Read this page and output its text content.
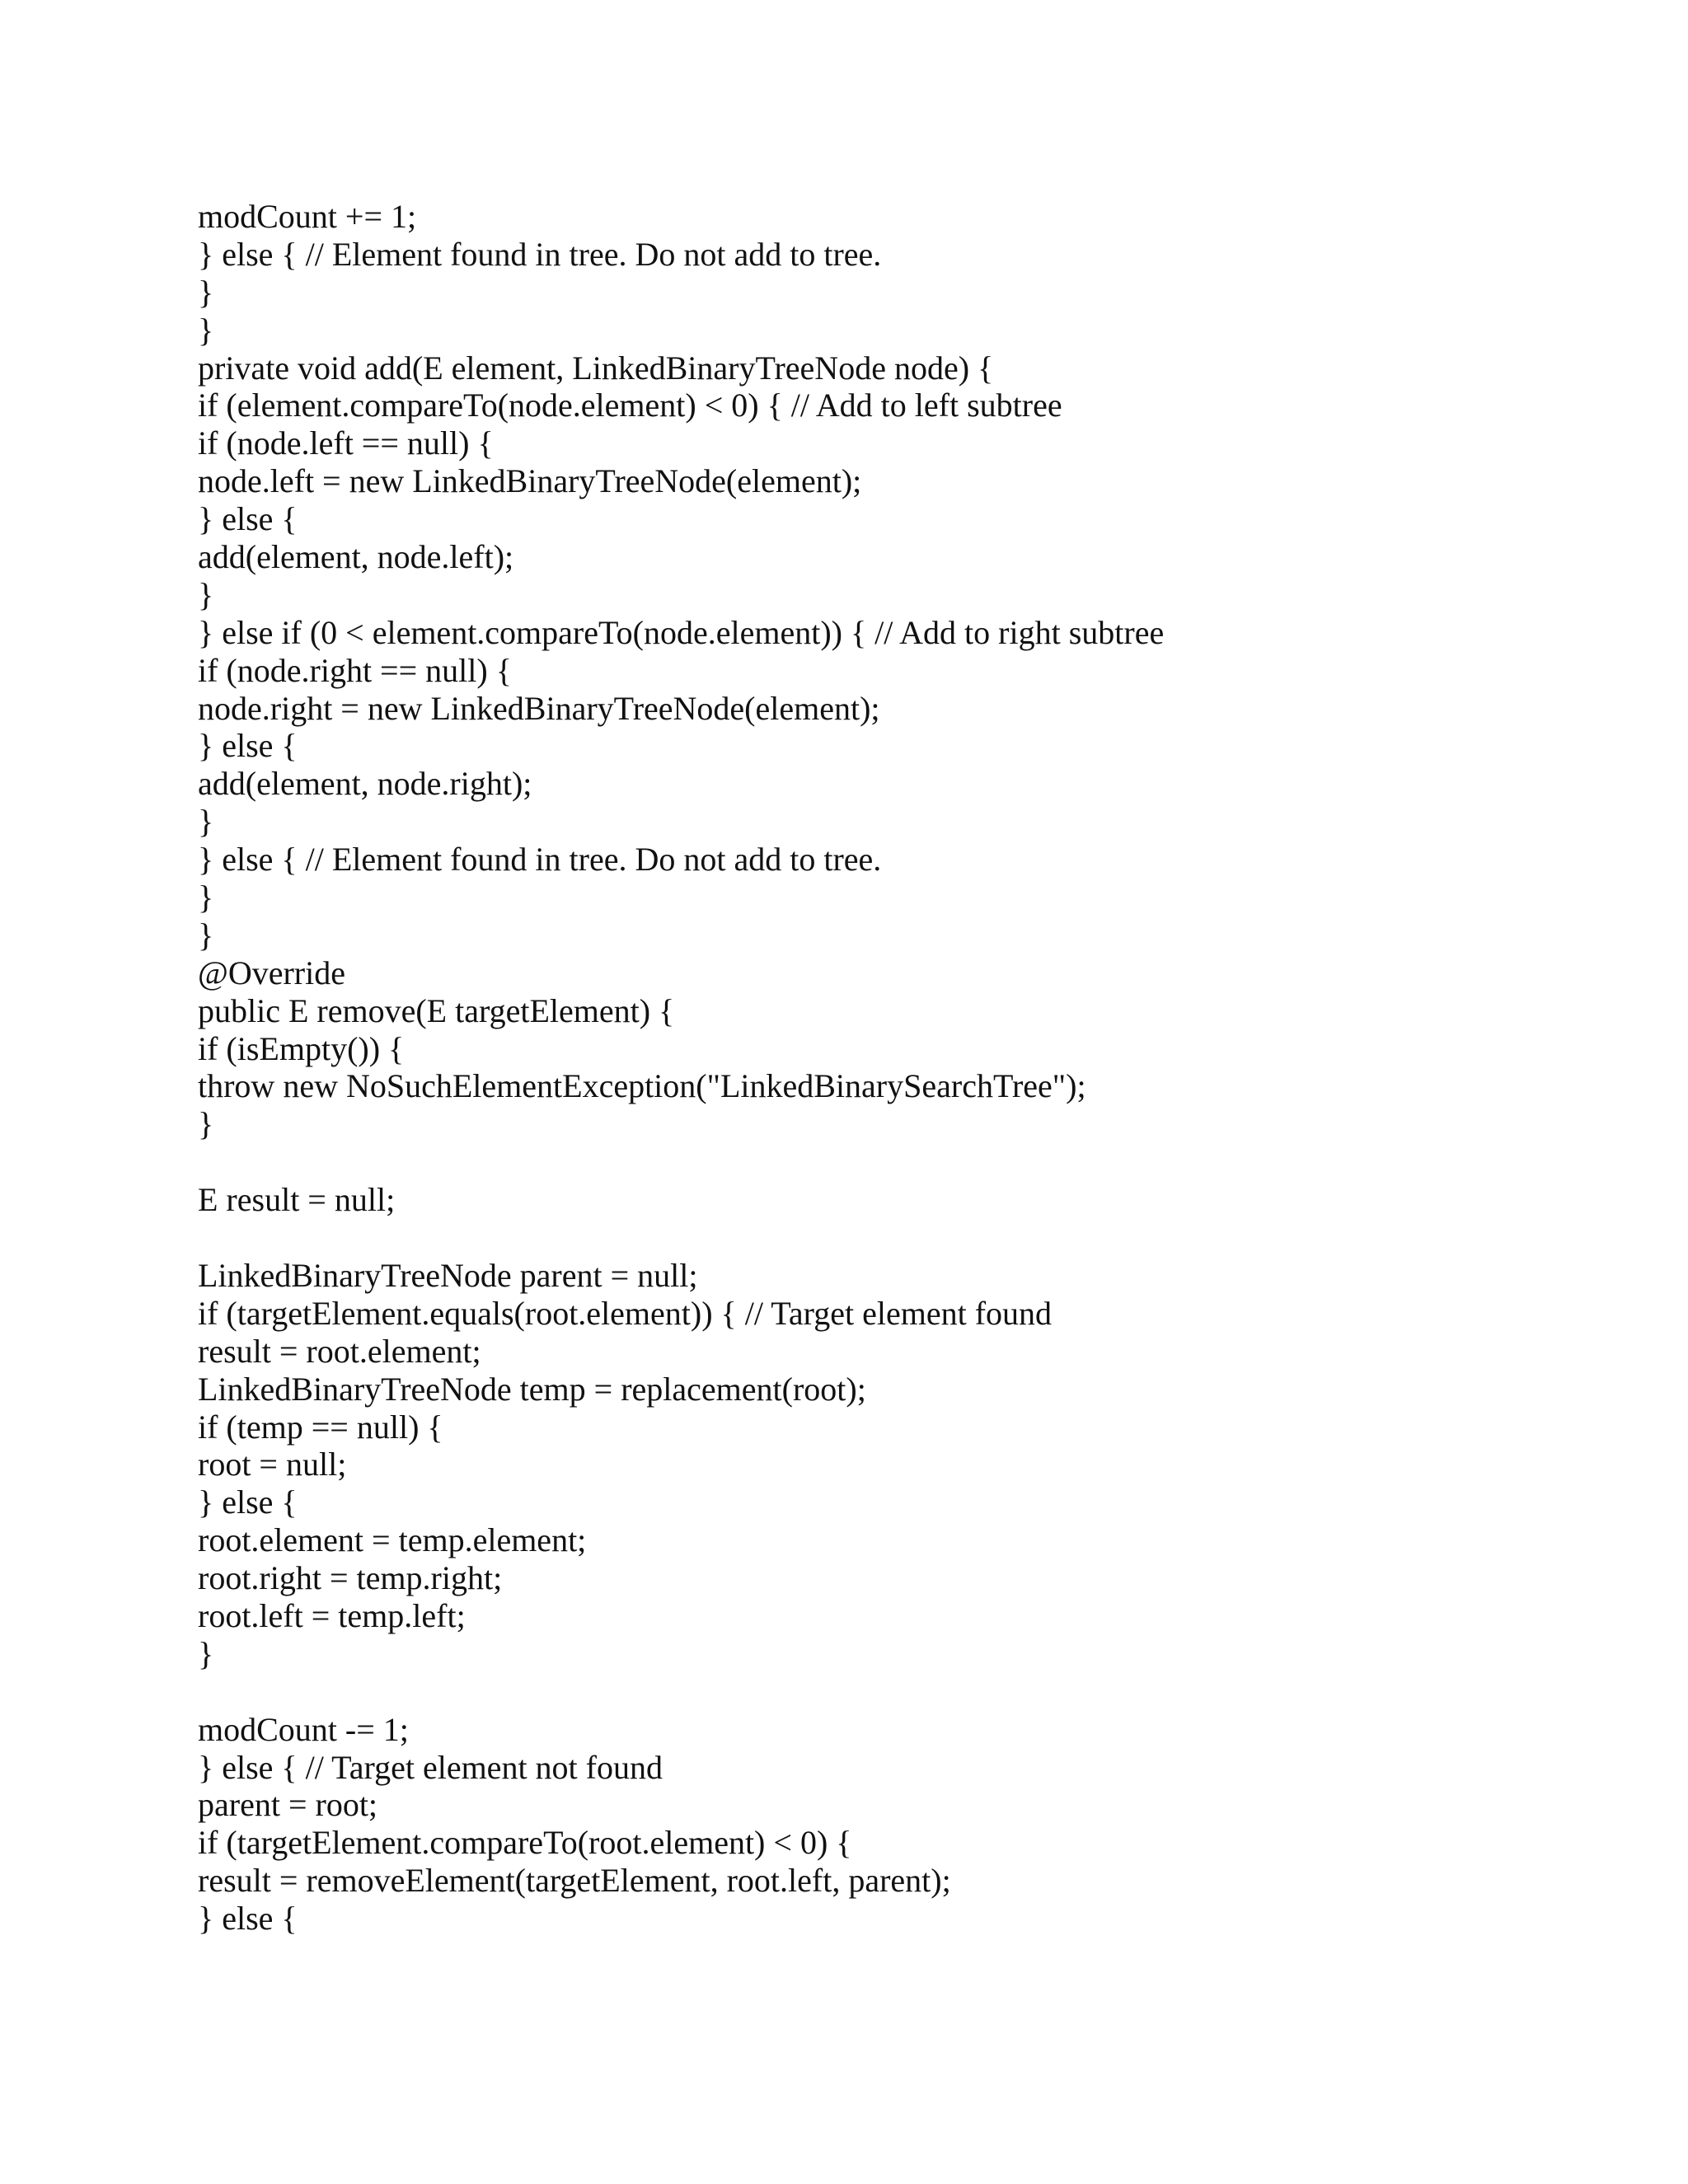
modCount += 1;
} else { // Element found in tree. Do not add to tree.
}
}
private void add(E element, LinkedBinaryTreeNode node) {
if (element.compareTo(node.element) < 0) { // Add to left subtree
if (node.left == null) {
node.left = new LinkedBinaryTreeNode(element);
} else {
add(element, node.left);
}
} else if (0 < element.compareTo(node.element)) { // Add to right subtree
if (node.right == null) {
node.right = new LinkedBinaryTreeNode(element);
} else {
add(element, node.right);
}
} else { // Element found in tree. Do not add to tree.
}
}
@Override
public E remove(E targetElement) {
if (isEmpty()) {
throw new NoSuchElementException("LinkedBinarySearchTree");
}
E result = null;
LinkedBinaryTreeNode parent = null;
if (targetElement.equals(root.element)) { // Target element found
result = root.element;
LinkedBinaryTreeNode temp = replacement(root);
if (temp == null) {
root = null;
} else {
root.element = temp.element;
root.right = temp.right;
root.left = temp.left;
}
modCount -= 1;
} else { // Target element not found
parent = root;
if (targetElement.compareTo(root.element) < 0) {
result = removeElement(targetElement, root.left, parent);
} else {
